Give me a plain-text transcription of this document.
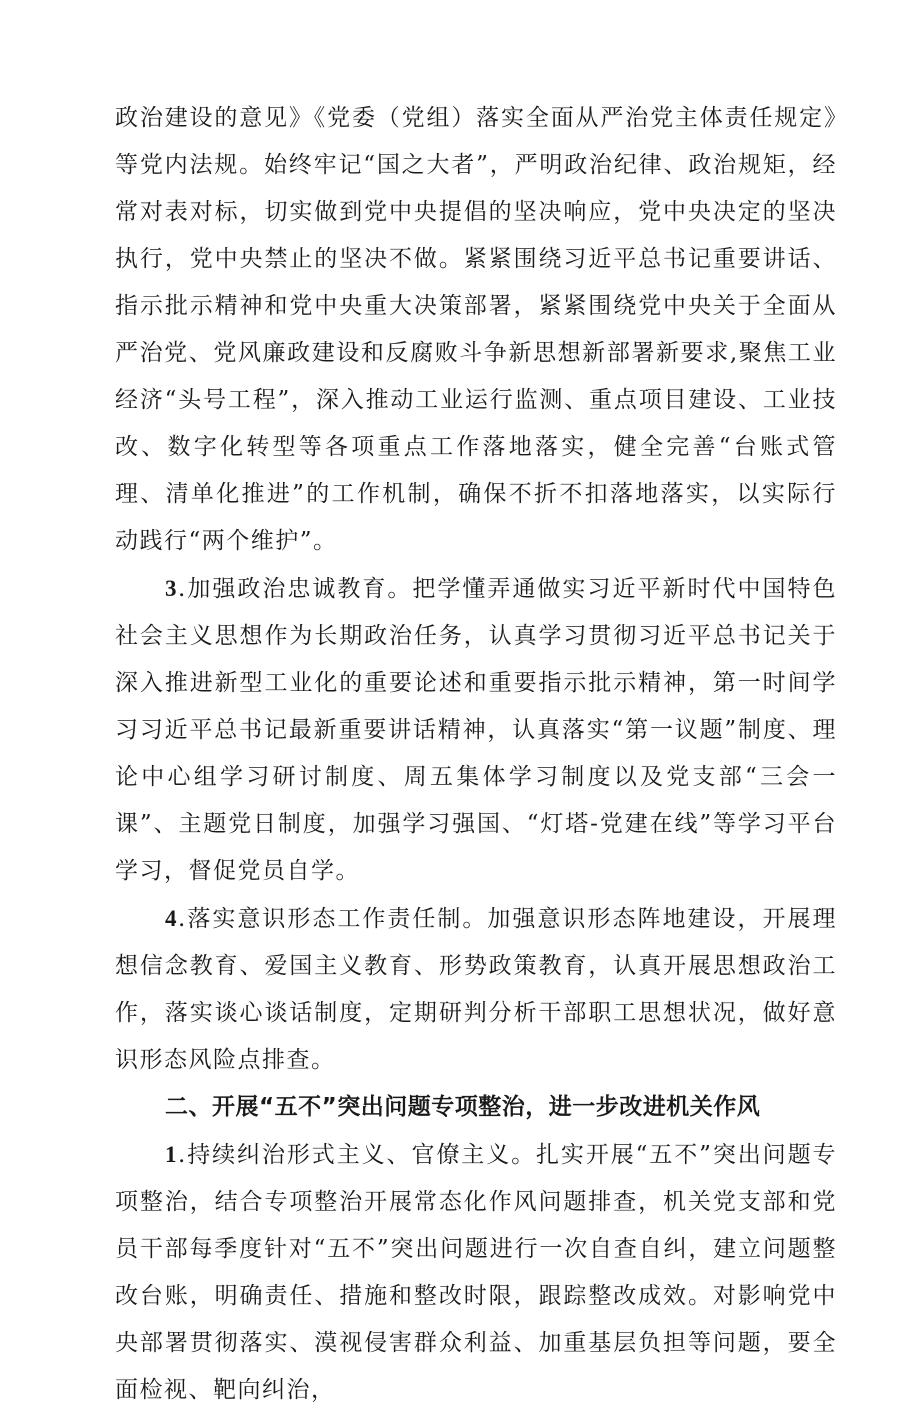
政治建设的意见》《党委（党组）落实全面从严治党主体责任规定》等党内法规。始终牢记“国之大者”，严明政治纪律、政治规矩，经常对表对标，切实做到党中央提倡的坚决响应，党中央决定的坚决执行，党中央禁止的坚决不做。紧紧围绕习近平总书记重要讲话、指示批示精神和党中央重大决策部署，紧紧围绕党中央关于全面从严治党、党风廉政建设和反腐败斗争新思想新部署新要求,聚焦工业经济“头号工程”，深入推动工业运行监测、重点项目建设、工业技改、数字化转型等各项重点工作落地落实，健全完善“台账式管理、清单化推进”的工作机制，确保不折不扣落地落实，以实际行动践行“两个维护”。

3.加强政治忠诚教育。把学懂弄通做实习近平新时代中国特色社会主义思想作为长期政治任务，认真学习贯彻习近平总书记关于深入推进新型工业化的重要论述和重要指示批示精神，第一时间学习习近平总书记最新重要讲话精神，认真落实“第一议题”制度、理论中心组学习研讨制度、周五集体学习制度以及党支部“三会一课”、主题党日制度，加强学习强国、“灯塔-党建在线”等学习平台学习，督促党员自学。

4.落实意识形态工作责任制。加强意识形态阵地建设，开展理想信念教育、爱国主义教育、形势政策教育，认真开展思想政治工作，落实谈心谈话制度，定期研判分析干部职工思想状况，做好意识形态风险点排查。

二、开展“五不”突出问题专项整治，进一步改进机关作风

1.持续纠治形式主义、官僚主义。扎实开展“五不”突出问题专项整治，结合专项整治开展常态化作风问题排查，机关党支部和党员干部每季度针对“五不”突出问题进行一次自查自纠，建立问题整改台账，明确责任、措施和整改时限，跟踪整改成效。对影响党中央部署贯彻落实、漠视侵害群众利益、加重基层负担等问题，要全面检视、靶向纠治，
